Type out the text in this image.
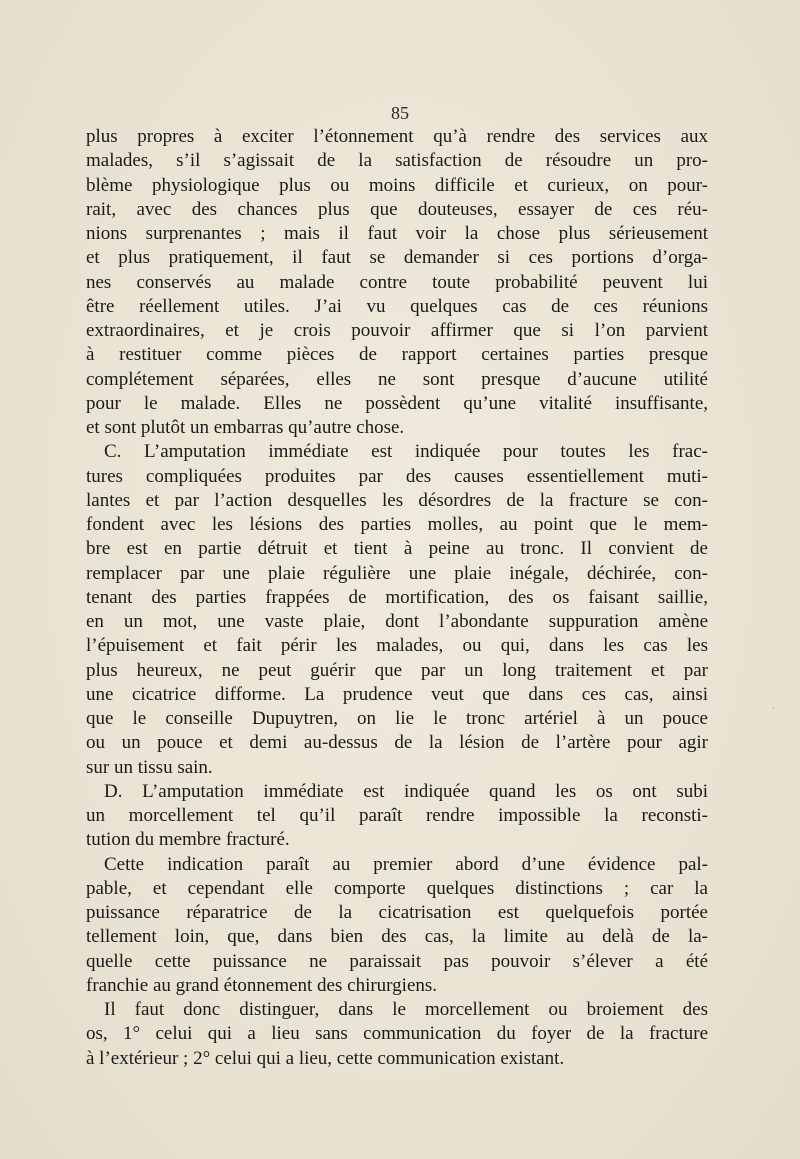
85
plus propres à exciter l’étonnement qu’à rendre des services aux
malades, s’il s’agissait de la satisfaction de résoudre un pro-
blème physiologique plus ou moins difficile et curieux, on pour-
rait, avec des chances plus que douteuses, essayer de ces réu-
nions surprenantes ; mais il faut voir la chose plus sérieusement
et plus pratiquement, il faut se demander si ces portions d’orga-
nes conservés au malade contre toute probabilité peuvent lui
être réellement utiles. J’ai vu quelques cas de ces réunions
extraordinaires, et je crois pouvoir affirmer que si l’on parvient
à restituer comme pièces de rapport certaines parties presque
complétement séparées, elles ne sont presque d’aucune utilité
pour le malade. Elles ne possèdent qu’une vitalité insuffisante,
et sont plutôt un embarras qu’autre chose.
C. L’amputation immédiate est indiquée pour toutes les frac-
tures compliquées produites par des causes essentiellement muti-
lantes et par l’action desquelles les désordres de la fracture se con-
fondent avec les lésions des parties molles, au point que le mem-
bre est en partie détruit et tient à peine au tronc. Il convient de
remplacer par une plaie régulière une plaie inégale, déchirée, con-
tenant des parties frappées de mortification, des os faisant saillie,
en un mot, une vaste plaie, dont l’abondante suppuration amène
l’épuisement et fait périr les malades, ou qui, dans les cas les
plus heureux, ne peut guérir que par un long traitement et par
une cicatrice difforme. La prudence veut que dans ces cas, ainsi
que le conseille Dupuytren, on lie le tronc artériel à un pouce
ou un pouce et demi au-dessus de la lésion de l’artère pour agir
sur un tissu sain.
D. L’amputation immédiate est indiquée quand les os ont subi
un morcellement tel qu’il paraît rendre impossible la reconsti-
tution du membre fracturé.
Cette indication paraît au premier abord d’une évidence pal-
pable, et cependant elle comporte quelques distinctions ; car la
puissance réparatrice de la cicatrisation est quelquefois portée
tellement loin, que, dans bien des cas, la limite au delà de la-
quelle cette puissance ne paraissait pas pouvoir s’élever a été
franchie au grand étonnement des chirurgiens.
Il faut donc distinguer, dans le morcellement ou broiement des
os, 1° celui qui a lieu sans communication du foyer de la fracture
à l’extérieur ; 2° celui qui a lieu, cette communication existant.
·
